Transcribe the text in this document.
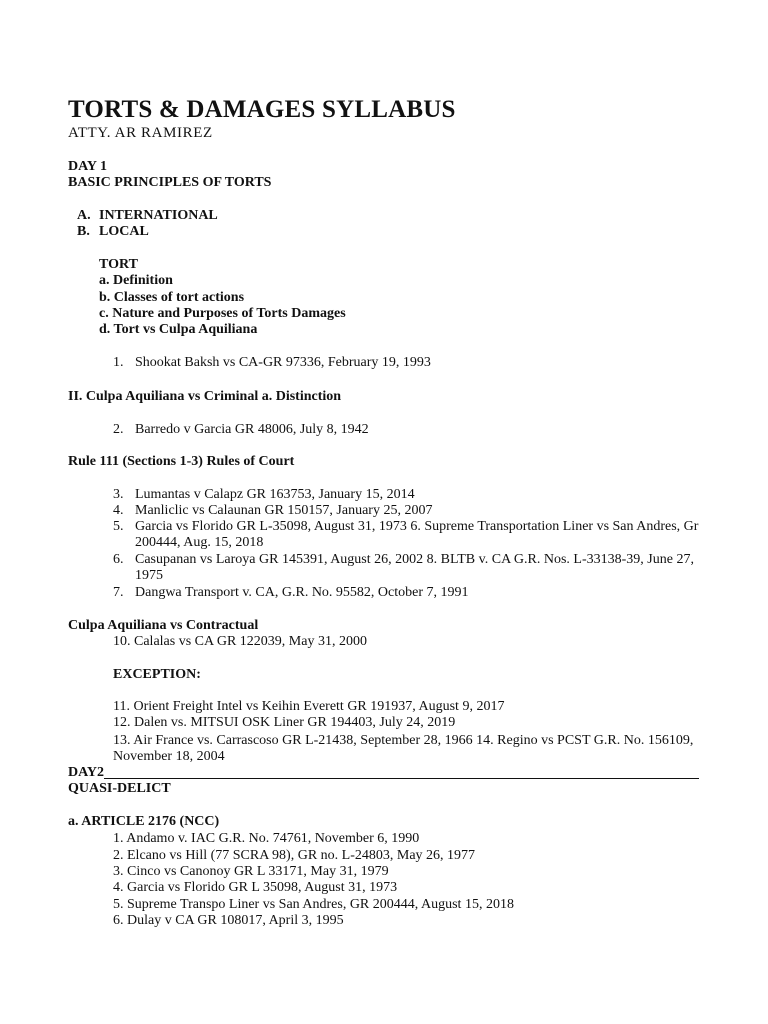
TORTS & DAMAGES SYLLABUS
ATTY. AR RAMIREZ
DAY 1
BASIC PRINCIPLES OF TORTS
A. INTERNATIONAL
B. LOCAL
TORT
a. Definition
b. Classes of tort actions
c. Nature and Purposes of Torts Damages
d. Tort vs Culpa Aquiliana
1. Shookat Baksh vs CA-GR 97336, February 19, 1993
II. Culpa Aquiliana vs Criminal a. Distinction
2. Barredo v Garcia GR 48006, July 8, 1942
Rule 111 (Sections 1-3) Rules of Court
3. Lumantas v Calapz GR 163753, January 15, 2014
4. Manliclic vs Calaunan GR 150157, January 25, 2007
5. Garcia vs Florido GR L-35098, August 31, 1973 6. Supreme Transportation Liner vs San Andres, Gr
200444, Aug. 15, 2018
6. Casupanan vs Laroya GR 145391, August 26, 2002 8. BLTB v. CA G.R. Nos. L-33138-39, June 27,
1975
7. Dangwa Transport v. CA, G.R. No. 95582, October 7, 1991
Culpa Aquiliana vs Contractual
10. Calalas vs CA GR 122039, May 31, 2000
EXCEPTION:
11. Orient Freight Intel vs Keihin Everett GR 191937, August 9, 2017
12. Dalen vs. MITSUI OSK Liner GR 194403, July 24, 2019
13. Air France vs. Carrascoso GR L-21438, September 28, 1966 14. Regino vs PCST G.R. No. 156109,
November 18, 2004
DAY2
QUASI-DELICT
a. ARTICLE 2176 (NCC)
1. Andamo v. IAC G.R. No. 74761, November 6, 1990
2. Elcano vs Hill (77 SCRA 98), GR no. L-24803, May 26, 1977
3. Cinco vs Canonoy GR L 33171, May 31, 1979
4. Garcia vs Florido GR L 35098, August 31, 1973
5. Supreme Transpo Liner vs San Andres, GR 200444, August 15, 2018
6. Dulay v CA GR 108017, April 3, 1995
